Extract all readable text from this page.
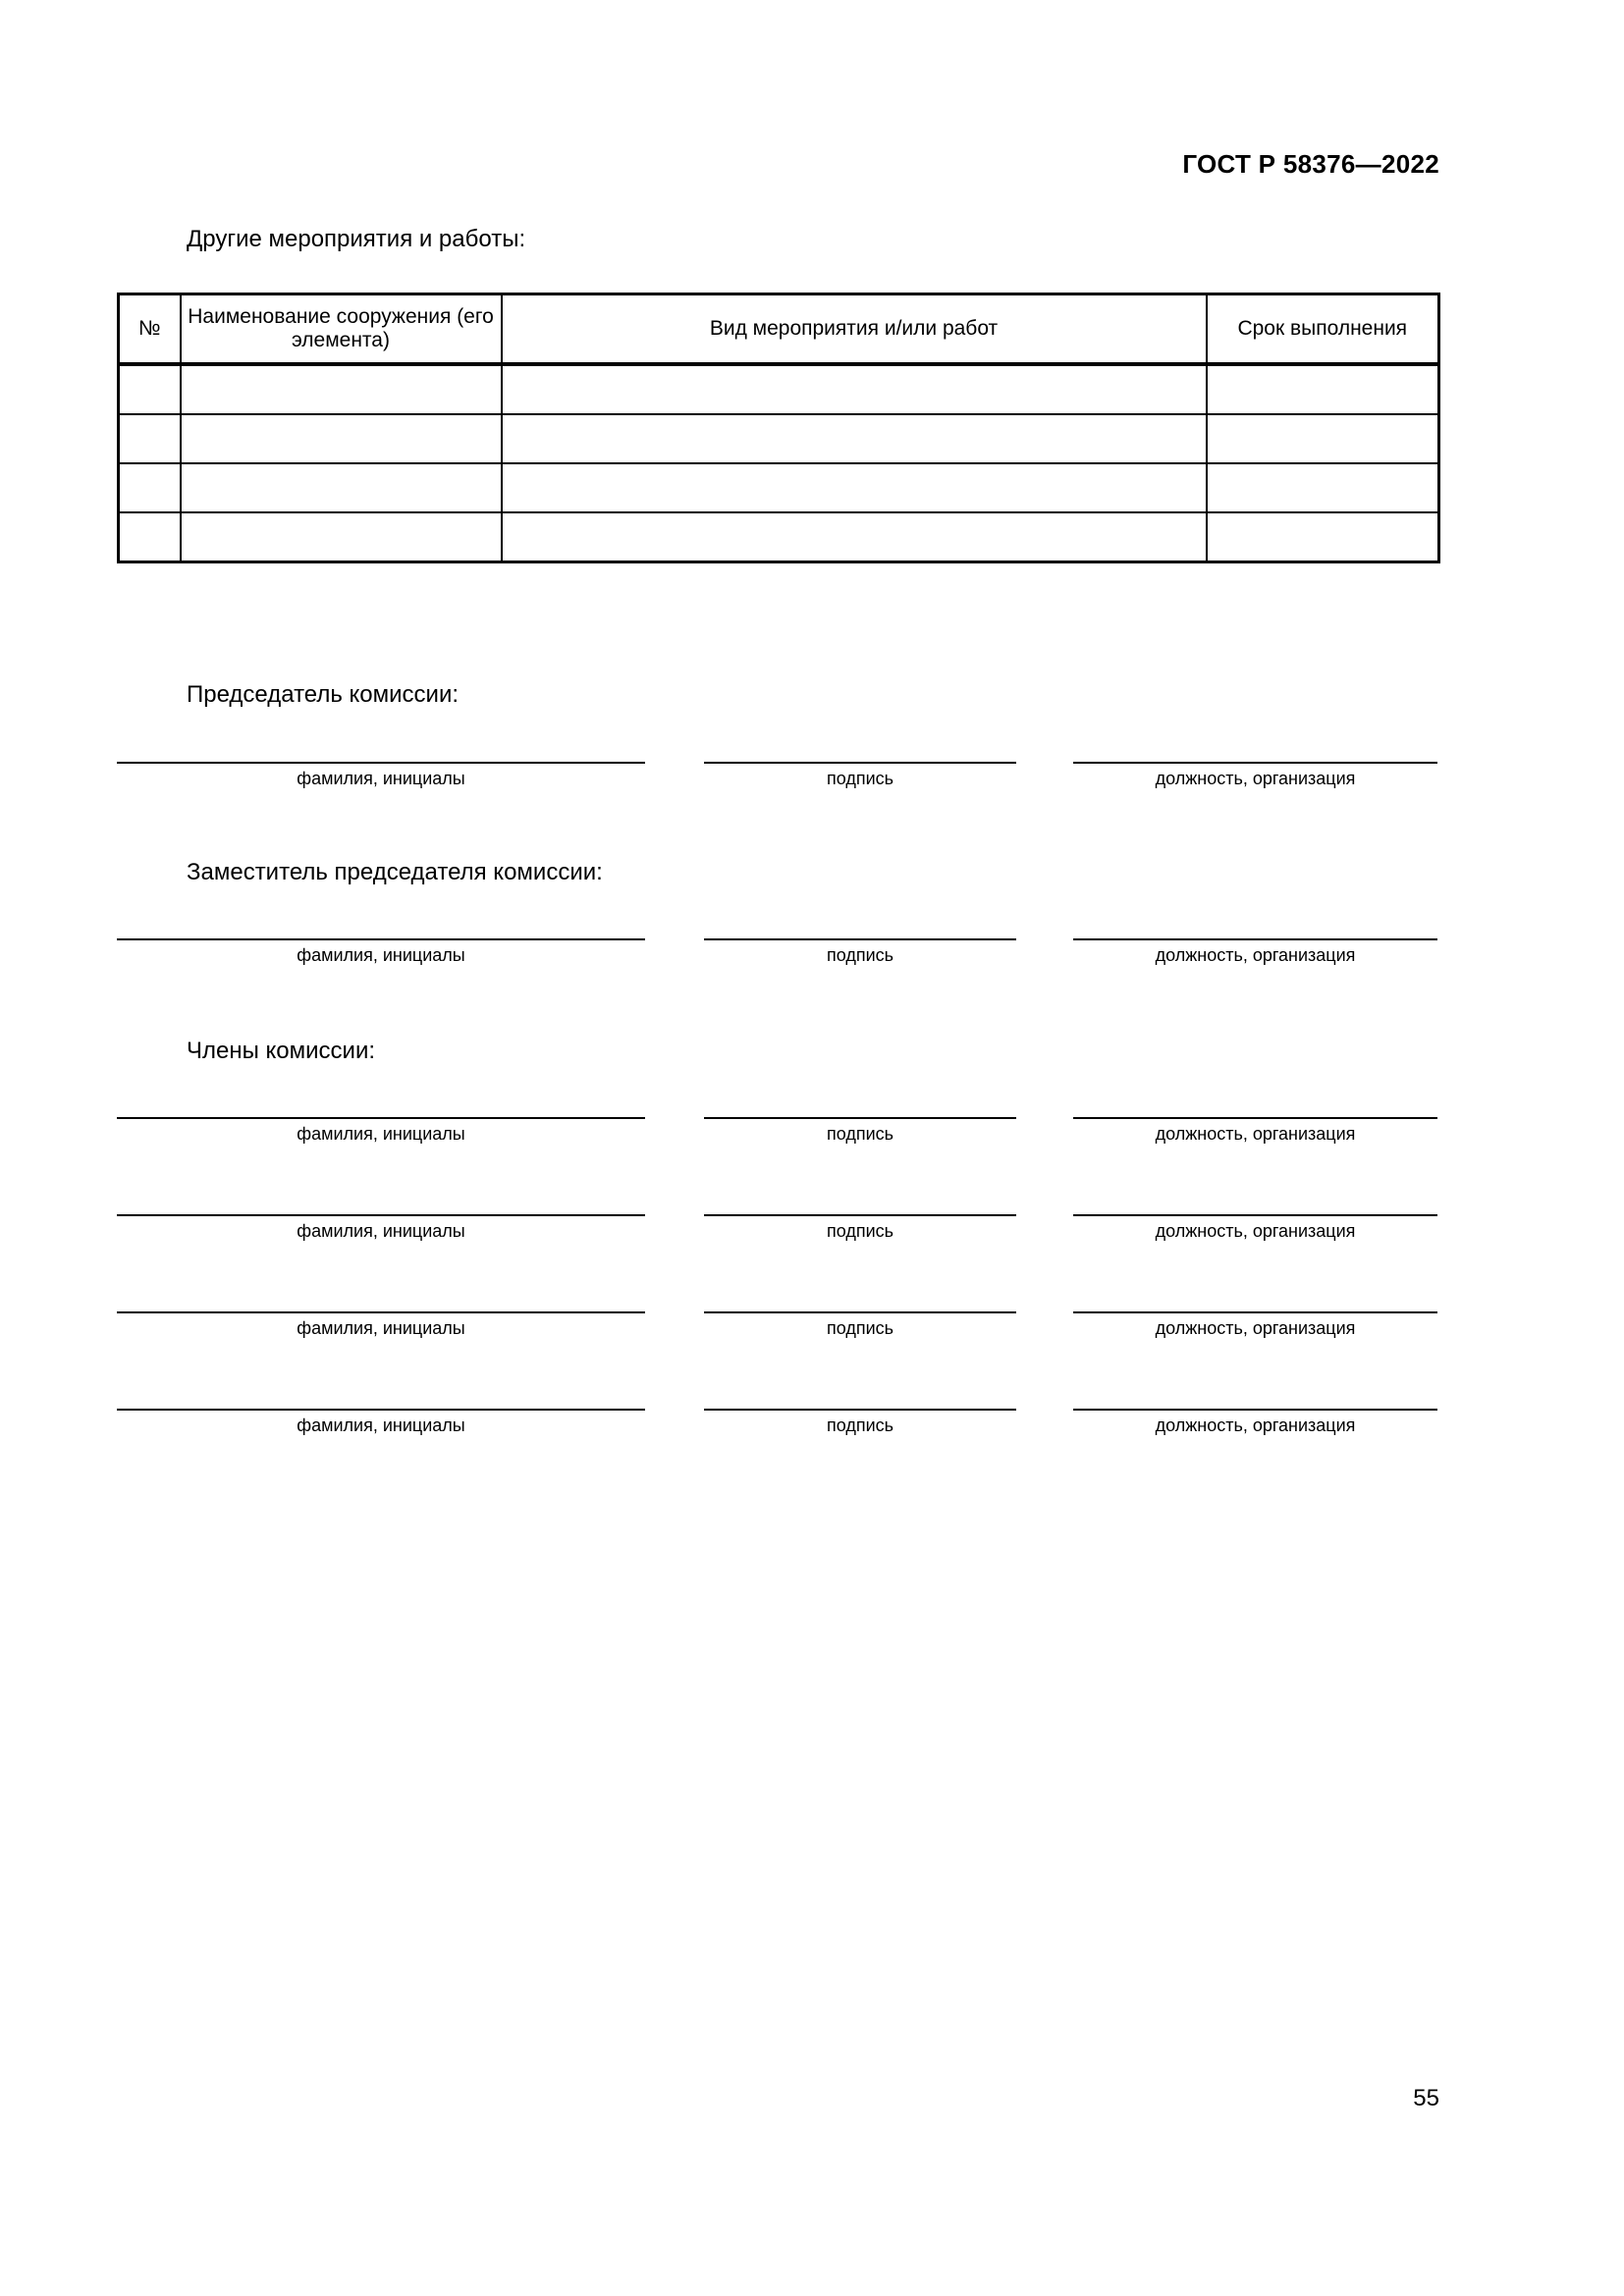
ГОСТ Р 58376—2022
Другие мероприятия и работы:
№	Наименование сооружения (его элемента)	Вид мероприятия и/или работ	Срок выполнения

Председатель комиссии:
фамилия, инициалы	подпись	должность, организация
Заместитель председателя комиссии:
фамилия, инициалы	подпись	должность, организация
Члены комиссии:
фамилия, инициалы	подпись	должность, организация
фамилия, инициалы	подпись	должность, организация
фамилия, инициалы	подпись	должность, организация
фамилия, инициалы	подпись	должность, организация
55
